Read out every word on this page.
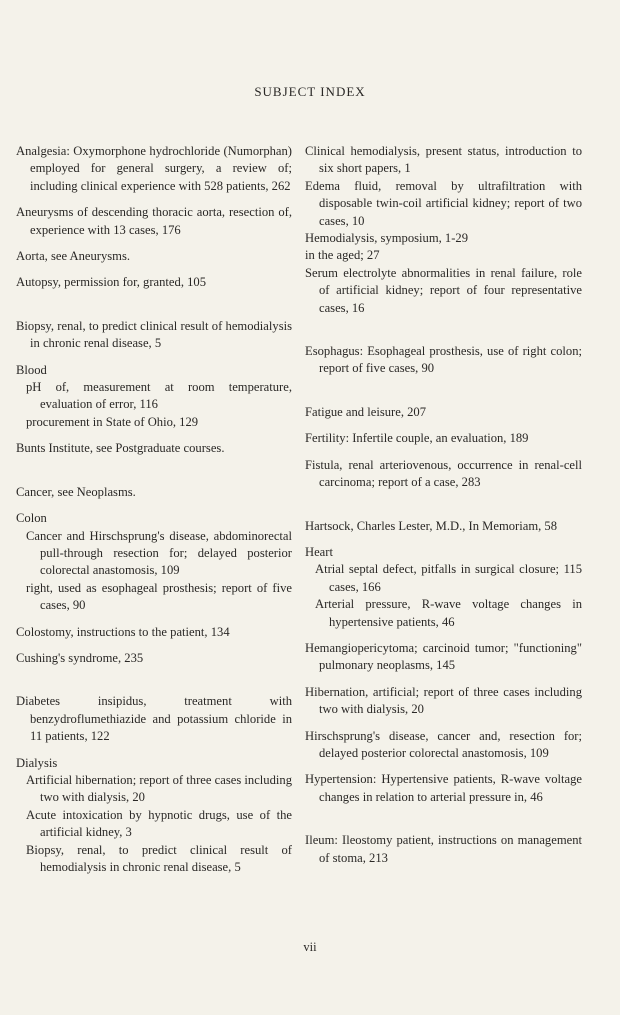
SUBJECT INDEX
Analgesia: Oxymorphone hydrochloride (Numorphan) employed for general surgery, a review of; including clinical experience with 528 patients, 262
Aneurysms of descending thoracic aorta, resection of, experience with 13 cases, 176
Aorta, see Aneurysms.
Autopsy, permission for, granted, 105
Biopsy, renal, to predict clinical result of hemodialysis in chronic renal disease, 5
Blood
pH of, measurement at room temperature, evaluation of error, 116
procurement in State of Ohio, 129
Bunts Institute, see Postgraduate courses.
Cancer, see Neoplasms.
Colon
Cancer and Hirschsprung's disease, abdominorectal pull-through resection for; delayed posterior colorectal anastomosis, 109
right, used as esophageal prosthesis; report of five cases, 90
Colostomy, instructions to the patient, 134
Cushing's syndrome, 235
Diabetes insipidus, treatment with benzydroflumethiazide and potassium chloride in 11 patients, 122
Dialysis
Artificial hibernation; report of three cases including two with dialysis, 20
Acute intoxication by hypnotic drugs, use of the artificial kidney, 3
Biopsy, renal, to predict clinical result of hemodialysis in chronic renal disease, 5
Clinical hemodialysis, present status, introduction to six short papers, 1
Edema fluid, removal by ultrafiltration with disposable twin-coil artificial kidney; report of two cases, 10
Hemodialysis, symposium, 1-29
in the aged; 27
Serum electrolyte abnormalities in renal failure, role of artificial kidney; report of four representative cases, 16
Esophagus: Esophageal prosthesis, use of right colon; report of five cases, 90
Fatigue and leisure, 207
Fertility: Infertile couple, an evaluation, 189
Fistula, renal arteriovenous, occurrence in renal-cell carcinoma; report of a case, 283
Hartsock, Charles Lester, M.D., In Memoriam, 58
Heart
Atrial septal defect, pitfalls in surgical closure; 115 cases, 166
Arterial pressure, R-wave voltage changes in hypertensive patients, 46
Hemangiopericytoma; carcinoid tumor; "functioning" pulmonary neoplasms, 145
Hibernation, artificial; report of three cases including two with dialysis, 20
Hirschsprung's disease, cancer and, resection for; delayed posterior colorectal anastomosis, 109
Hypertension: Hypertensive patients, R-wave voltage changes in relation to arterial pressure in, 46
Ileum: Ileostomy patient, instructions on management of stoma, 213
vii
